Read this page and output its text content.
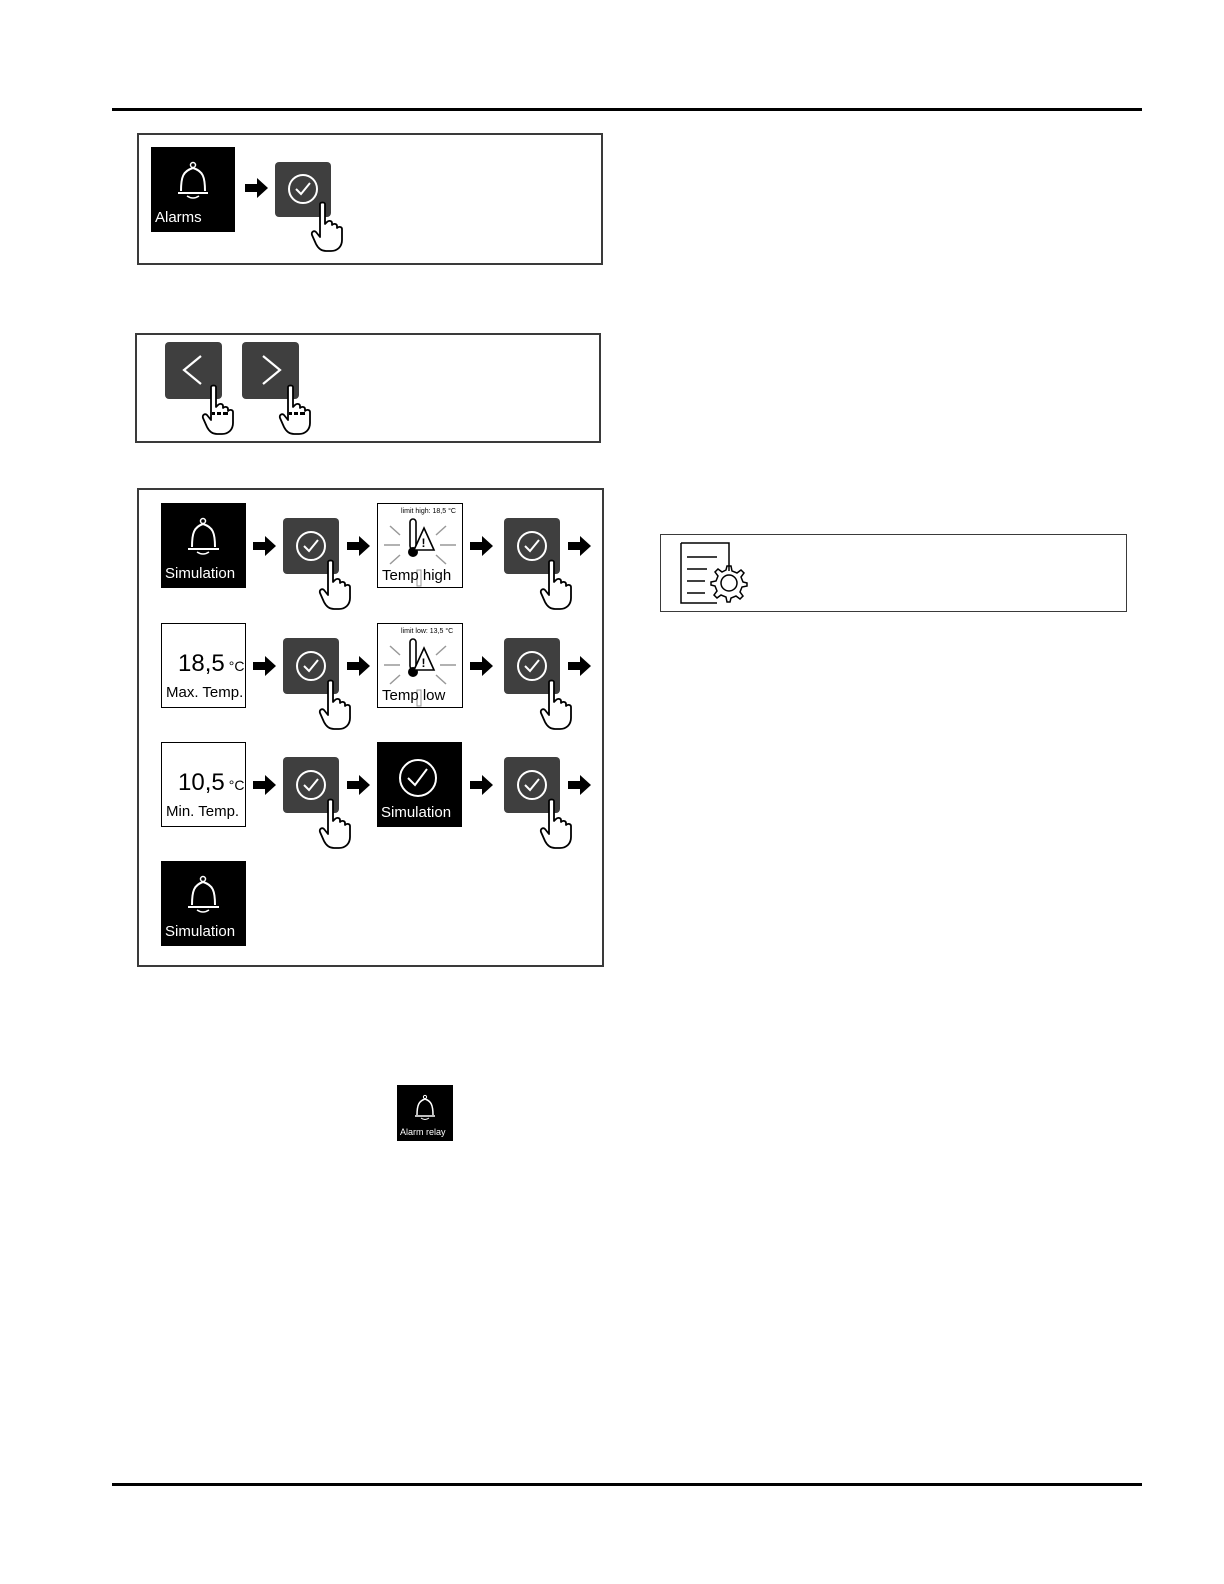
Alarms
Simulation
limit high: 18,5 °C
!
Temp high
18,5 °C
Max. Temp.
limit low: 13,5 °C
!
Temp low
10,5 °C
Min. Temp.	Simulation
Simulation
Alarm relay
